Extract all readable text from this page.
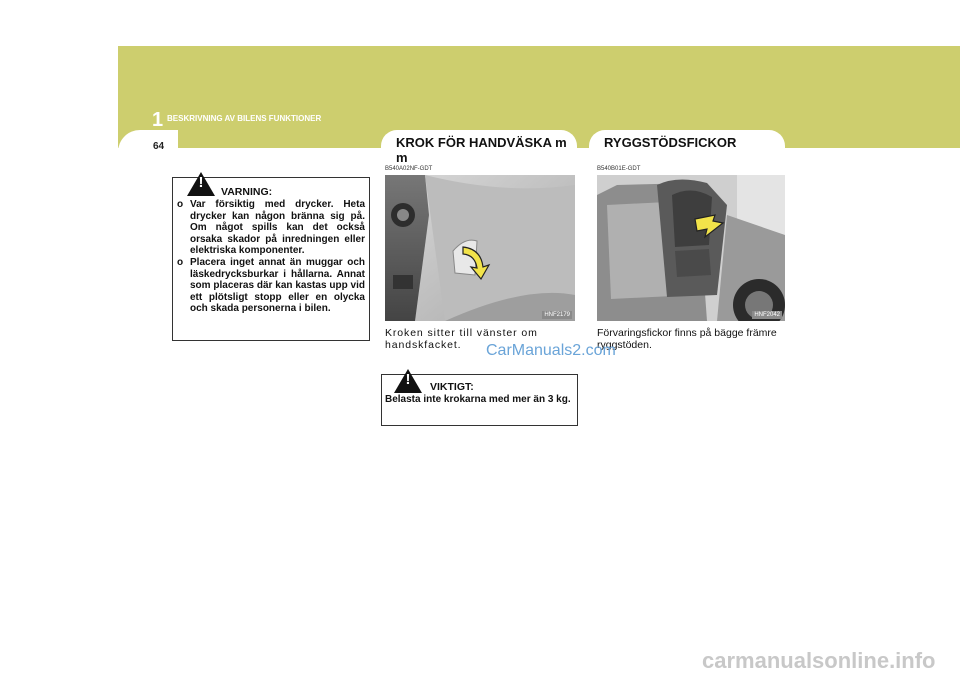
1 BESKRIVNING AV BILENS FUNKTIONER
64
!
VARNING:
o Var försiktig med drycker. Heta drycker kan någon bränna sig på. Om något spills kan det också orsaka skador på inredningen eller elektriska komponenter.
o Placera inget annat än muggar och läskedrycksburkar i hållarna. Annat som placeras där kan kastas upp vid ett plötsligt stopp eller en olycka och skada personerna i bilen.
KROK FÖR HANDVÄSKA m
m
B540A02NF-GDT
HNF2179
Kroken sitter till vänster om handskfacket.
!	VIKTIGT:
Belasta inte krokarna med mer än 3 kg.
RYGGSTÖDSFICKOR
B540B01E-GDT
HNF2042
Förvaringsfickor finns på bägge främre ryggstöden.
CarManuals2.com
carmanualsonline.info
